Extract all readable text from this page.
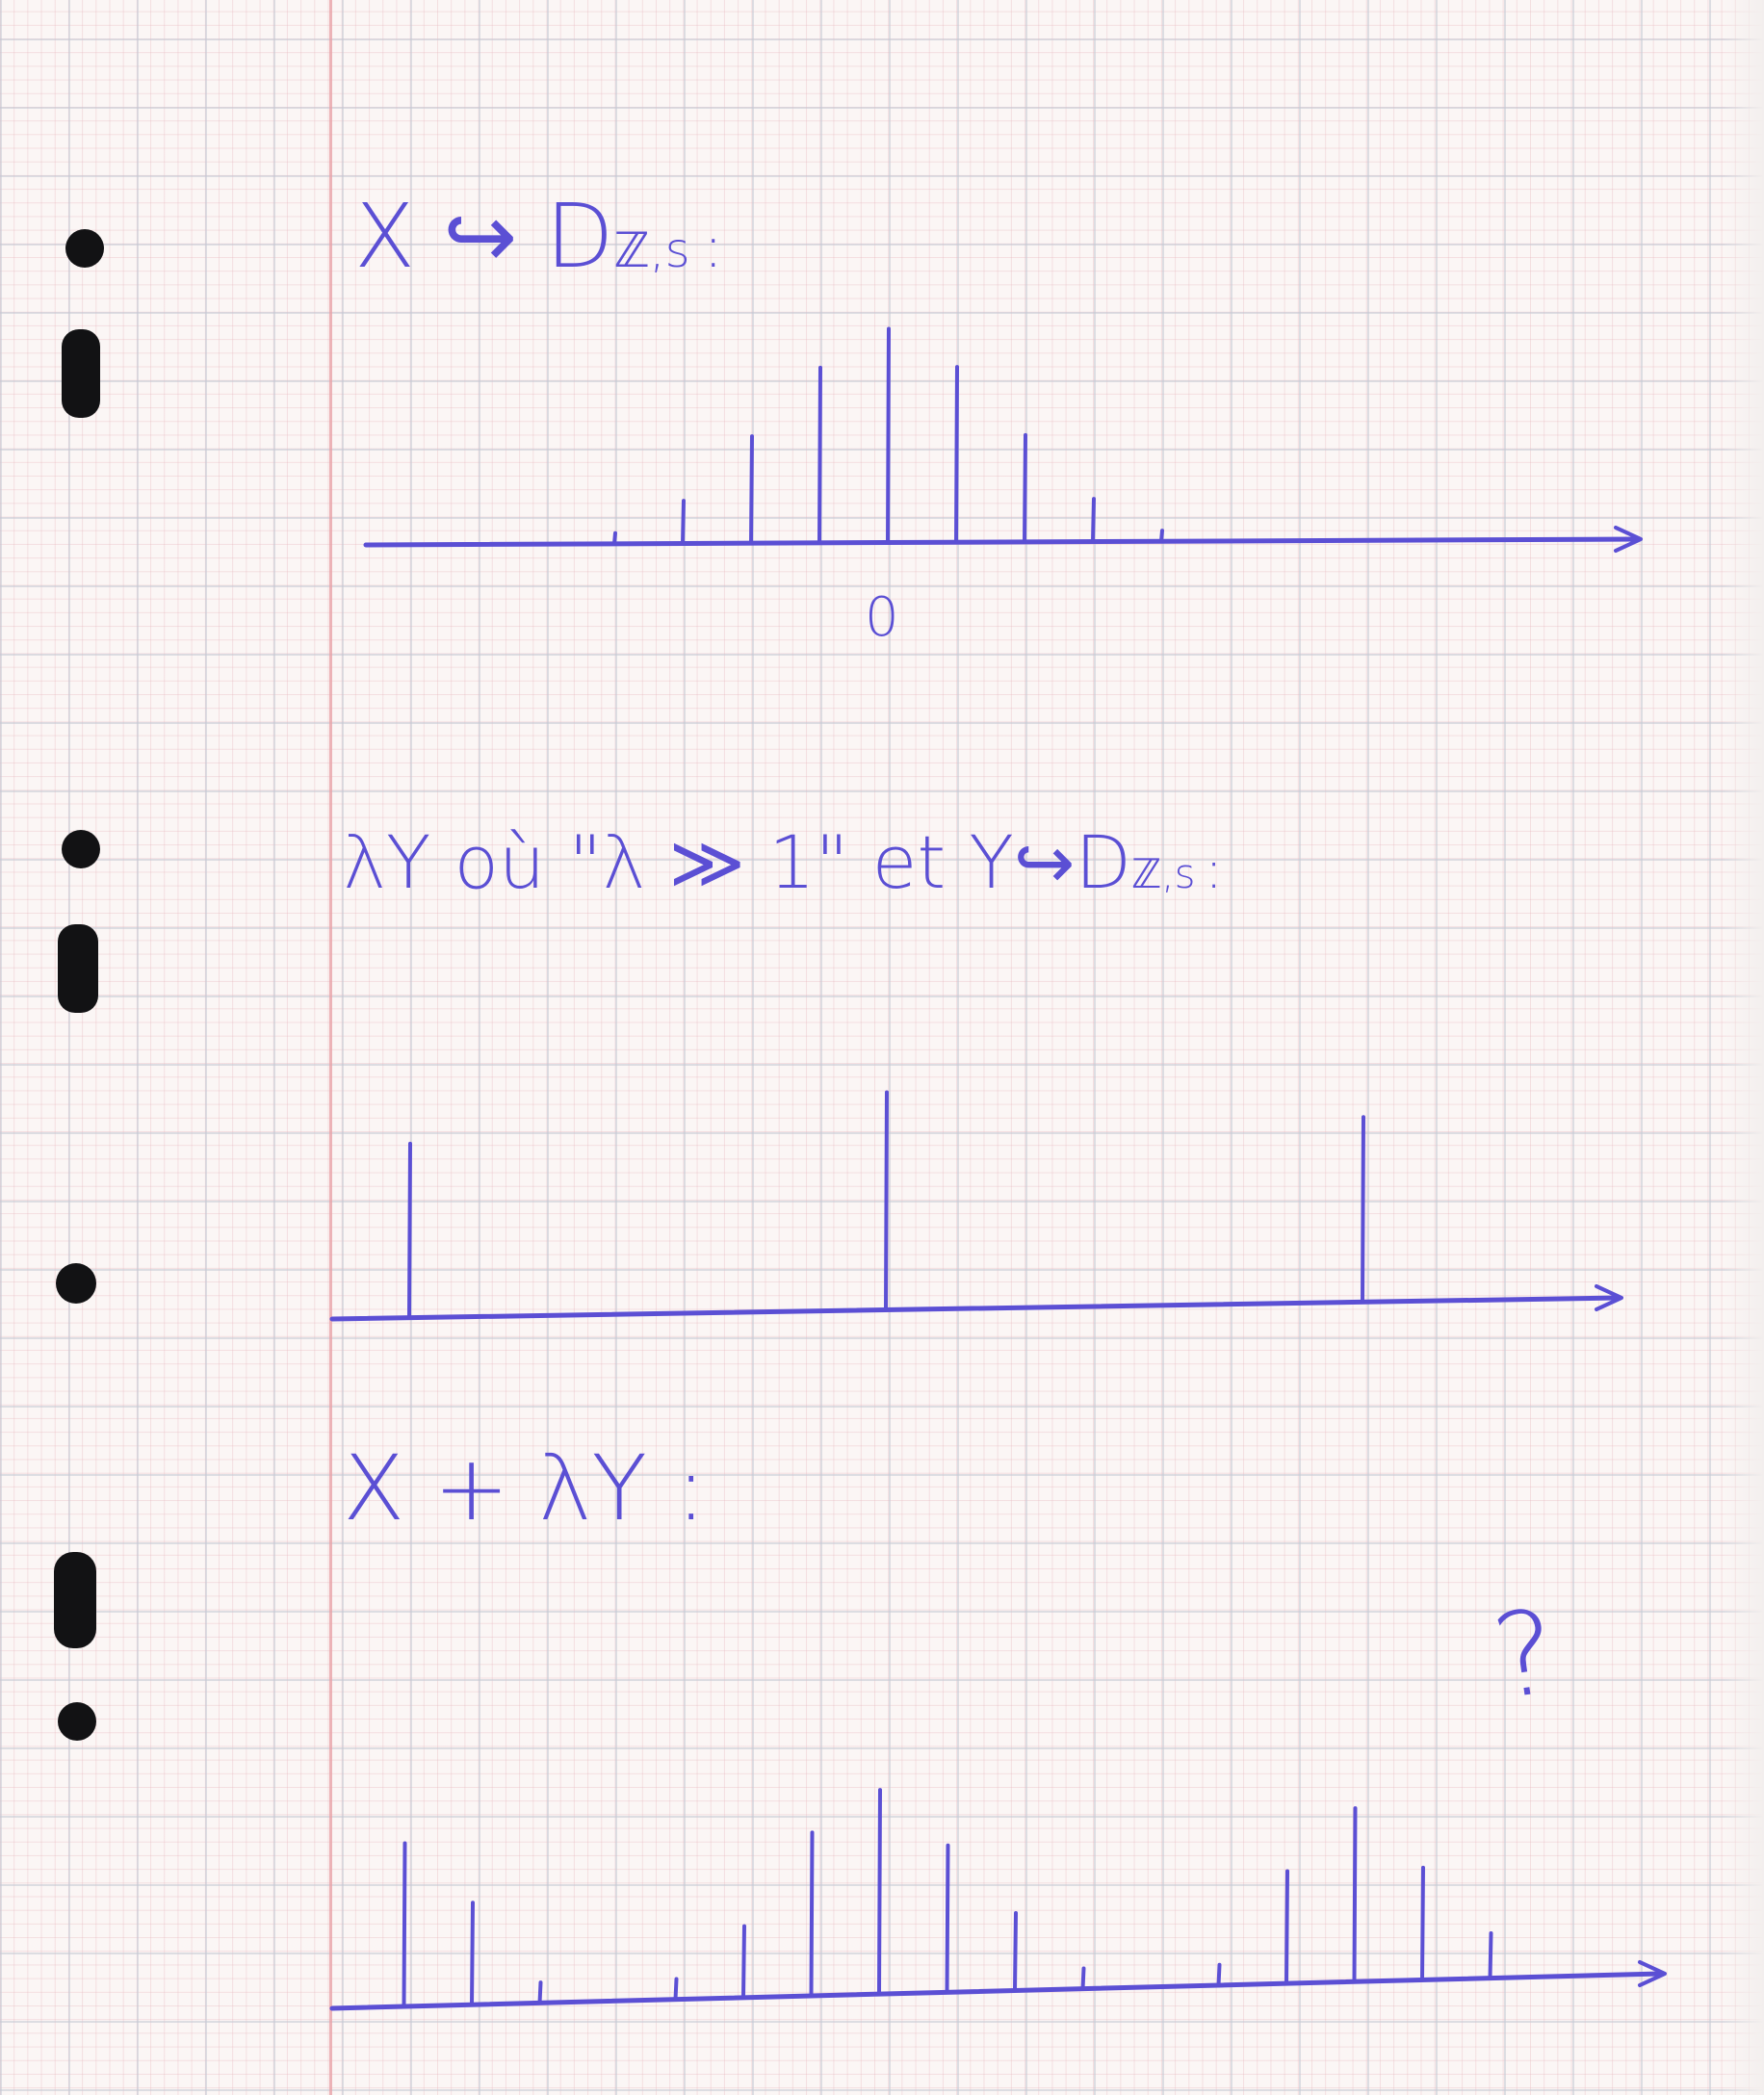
X ↪ Dℤ,s :
0
λY où "λ ≫ 1" et Y↪Dℤ,s :
X + λY :
?
